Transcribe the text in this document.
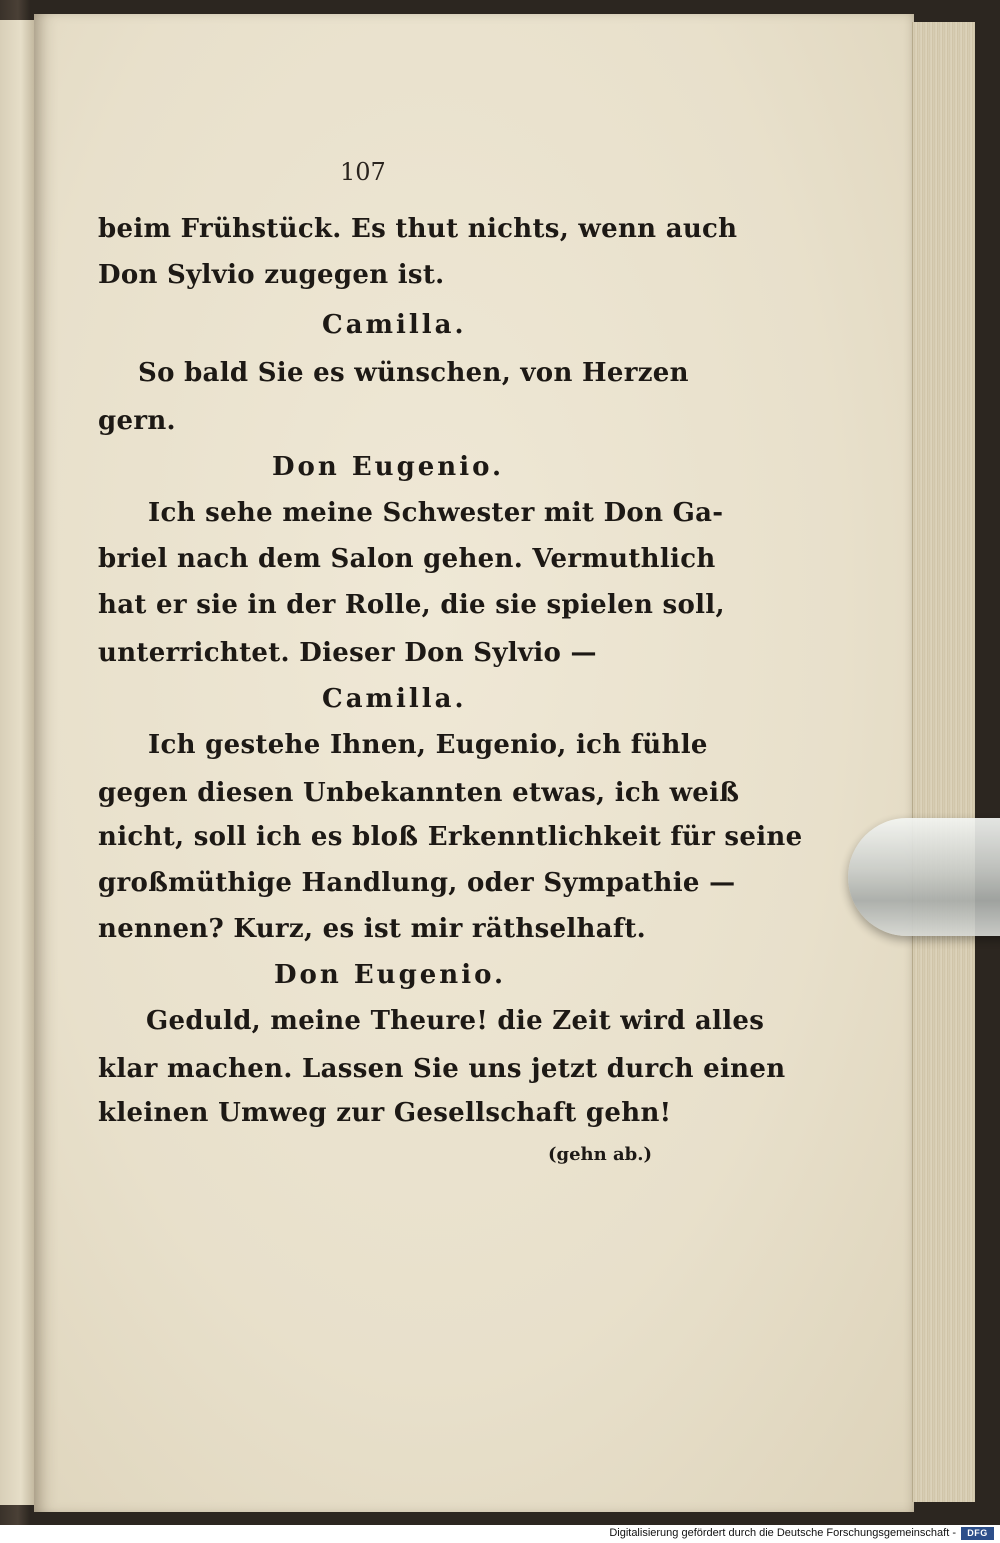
107
beim Frühstück. Es thut nichts, wenn auch
Don Sylvio zugegen ist.
Camilla.
So bald Sie es wünschen, von Herzen
gern.
Don Eugenio.
Ich sehe meine Schwester mit Don Ga-
briel nach dem Salon gehen. Vermuthlich
hat er sie in der Rolle, die sie spielen soll,
unterrichtet. Dieser Don Sylvio —
Camilla.
Ich gestehe Ihnen, Eugenio, ich fühle
gegen diesen Unbekannten etwas, ich weiß
nicht, soll ich es bloß Erkenntlichkeit für seine
großmüthige Handlung, oder Sympathie —
nennen? Kurz, es ist mir räthselhaft.
Don Eugenio.
Geduld, meine Theure! die Zeit wird alles
klar machen. Lassen Sie uns jetzt durch einen
kleinen Umweg zur Gesellschaft gehn!
(gehn ab.)
Digitalisierung gefördert durch die Deutsche Forschungsgemeinschaft -	DFG
